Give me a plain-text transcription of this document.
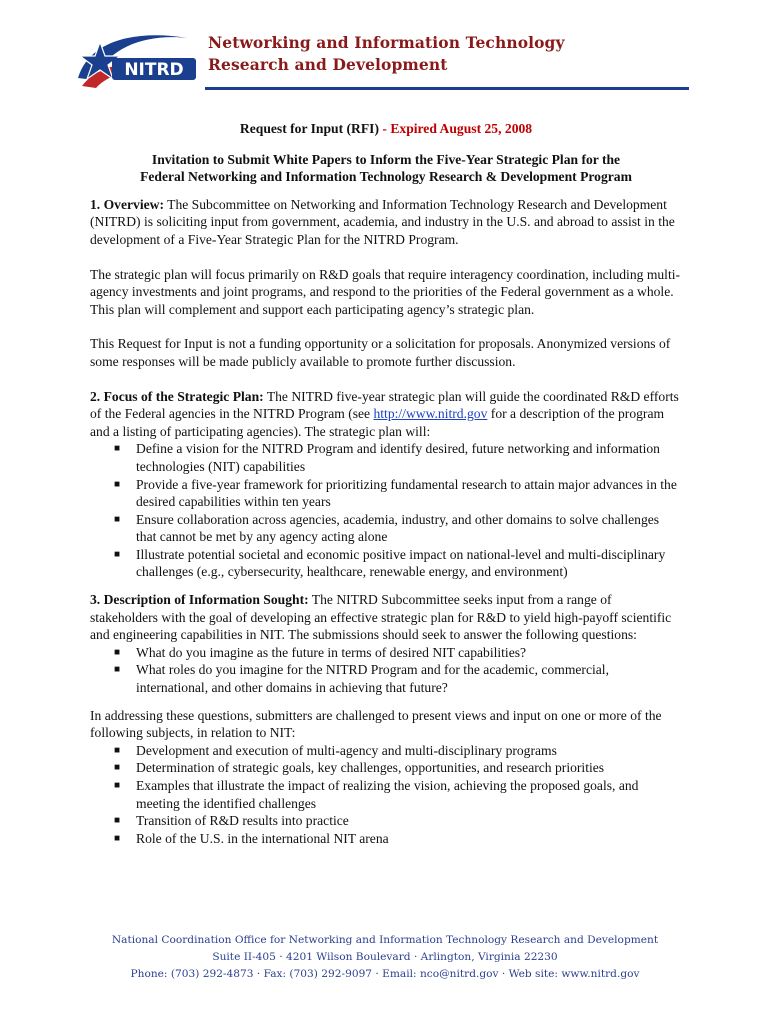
NITRD
Networking and Information Technology
Research and Development

Request for Input (RFI) - Expired August 25, 2008

Invitation to Submit White Papers to Inform the Five-Year Strategic Plan for the
Federal Networking and Information Technology Research & Development Program

1. Overview: The Subcommittee on Networking and Information Technology Research and Development (NITRD) is soliciting input from government, academia, and industry in the U.S. and abroad to assist in the development of a Five-Year Strategic Plan for the NITRD Program.

The strategic plan will focus primarily on R&D goals that require interagency coordination, including multi-agency investments and joint programs, and respond to the priorities of the Federal government as a whole. This plan will complement and support each participating agency’s strategic plan.

This Request for Input is not a funding opportunity or a solicitation for proposals. Anonymized versions of some responses will be made publicly available to promote further discussion.

2. Focus of the Strategic Plan: The NITRD five-year strategic plan will guide the coordinated R&D efforts of the Federal agencies in the NITRD Program (see http://www.nitrd.gov for a description of the program and a listing of participating agencies). The strategic plan will:

■ Define a vision for the NITRD Program and identify desired, future networking and information technologies (NIT) capabilities
■ Provide a five-year framework for prioritizing fundamental research to attain major advances in the desired capabilities within ten years
■ Ensure collaboration across agencies, academia, industry, and other domains to solve challenges that cannot be met by any agency acting alone
■ Illustrate potential societal and economic positive impact on national-level and multi-disciplinary challenges (e.g., cybersecurity, healthcare, renewable energy, and environment)

3. Description of Information Sought: The NITRD Subcommittee seeks input from a range of stakeholders with the goal of developing an effective strategic plan for R&D to yield high-payoff scientific and engineering capabilities in NIT. The submissions should seek to answer the following questions:

■ What do you imagine as the future in terms of desired NIT capabilities?
■ What roles do you imagine for the NITRD Program and for the academic, commercial, international, and other domains in achieving that future?

In addressing these questions, submitters are challenged to present views and input on one or more of the following subjects, in relation to NIT:

■ Development and execution of multi-agency and multi-disciplinary programs
■ Determination of strategic goals, key challenges, opportunities, and research priorities
■ Examples that illustrate the impact of realizing the vision, achieving the proposed goals, and meeting the identified challenges
■ Transition of R&D results into practice
■ Role of the U.S. in the international NIT arena
National Coordination Office for Networking and Information Technology Research and Development
Suite II-405 · 4201 Wilson Boulevard · Arlington, Virginia 22230
Phone: (703) 292-4873 · Fax: (703) 292-9097 · Email: nco@nitrd.gov · Web site: www.nitrd.gov
